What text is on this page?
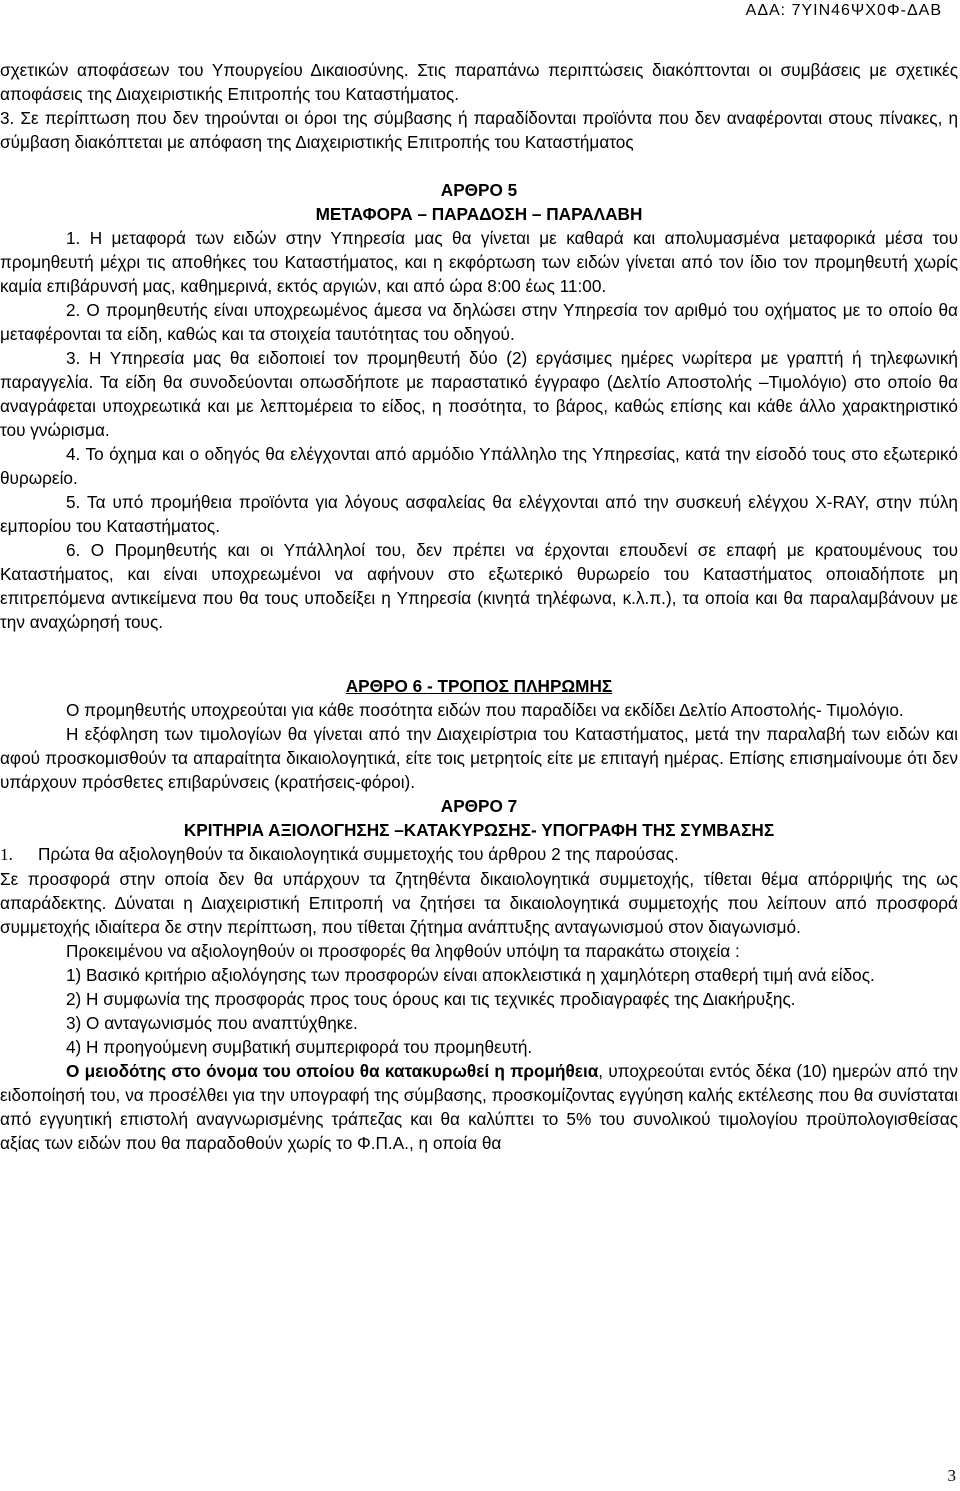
ΑΔΑ: 7ΥΙΝ46ΨΧ0Φ-ΔΑΒ

σχετικών αποφάσεων του Υπουργείου Δικαιοσύνης. Στις παραπάνω περιπτώσεις διακόπτονται οι συμβάσεις με σχετικές αποφάσεις της Διαχειριστικής Επιτροπής του Καταστήματος.

3. Σε περίπτωση που δεν τηρούνται οι όροι της σύμβασης ή παραδίδονται προϊόντα που δεν αναφέρονται στους πίνακες, η σύμβαση διακόπτεται με απόφαση της Διαχειριστικής Επιτροπής του Καταστήματος

ΑΡΘΡΟ 5

ΜΕΤΑΦΟΡΑ – ΠΑΡΑΔΟΣΗ – ΠΑΡΑΛΑΒΗ

1. Η μεταφορά των ειδών στην Υπηρεσία μας θα γίνεται με καθαρά και απολυμασμένα μεταφορικά μέσα του προμηθευτή μέχρι τις αποθήκες του Καταστήματος, και η εκφόρτωση των ειδών γίνεται από τον ίδιο τον προμηθευτή χωρίς καμία επιβάρυνσή μας, καθημερινά, εκτός αργιών, και από ώρα 8:00 έως 11:00.

2. Ο προμηθευτής είναι υποχρεωμένος άμεσα να δηλώσει στην Υπηρεσία τον αριθμό του οχήματος με το οποίο θα μεταφέρονται τα είδη, καθώς και τα στοιχεία ταυτότητας του οδηγού.

3. Η Υπηρεσία μας θα ειδοποιεί τον προμηθευτή δύο (2) εργάσιμες ημέρες νωρίτερα με γραπτή ή τηλεφωνική παραγγελία. Τα είδη θα συνοδεύονται οπωσδήποτε με παραστατικό έγγραφο (Δελτίο Αποστολής –Τιμολόγιο) στο οποίο θα αναγράφεται υποχρεωτικά και με λεπτομέρεια το είδος, η ποσότητα, το βάρος, καθώς επίσης και κάθε άλλο χαρακτηριστικό του γνώρισμα.

4. Το όχημα και ο οδηγός θα ελέγχονται από αρμόδιο Υπάλληλο της Υπηρεσίας, κατά την είσοδό τους στο εξωτερικό θυρωρείο.

5. Τα υπό προμήθεια προϊόντα για λόγους ασφαλείας θα ελέγχονται από την συσκευή ελέγχου X-RAY, στην πύλη εμπορίου του Καταστήματος.

6. Ο Προμηθευτής και οι Υπάλληλοί του, δεν πρέπει να έρχονται επουδενί σε επαφή με κρατουμένους του Καταστήματος, και είναι υποχρεωμένοι να αφήνουν στο εξωτερικό θυρωρείο του Καταστήματος οποιαδήποτε μη επιτρεπόμενα αντικείμενα που θα τους υποδείξει η Υπηρεσία (κινητά τηλέφωνα, κ.λ.π.), τα οποία και θα παραλαμβάνουν με την αναχώρησή τους.

ΑΡΘΡΟ 6 - ΤΡΟΠΟΣ ΠΛΗΡΩΜΗΣ

Ο προμηθευτής υποχρεούται για κάθε ποσότητα ειδών που παραδίδει να εκδίδει Δελτίο Αποστολής- Τιμολόγιο.

Η εξόφληση των τιμολογίων θα γίνεται από την Διαχειρίστρια του Καταστήματος, μετά την παραλαβή των ειδών και αφού προσκομισθούν τα απαραίτητα δικαιολογητικά, είτε τοις μετρητοίς είτε με επιταγή ημέρας. Επίσης επισημαίνουμε ότι δεν υπάρχουν πρόσθετες επιβαρύνσεις (κρατήσεις-φόροι).

ΑΡΘΡΟ 7

ΚΡΙΤΗΡΙΑ ΑΞΙΟΛΟΓΗΣΗΣ –ΚΑΤΑΚΥΡΩΣΗΣ- ΥΠΟΓΡΑΦΗ ΤΗΣ ΣΥΜΒΑΣΗΣ

1. Πρώτα θα αξιολογηθούν τα δικαιολογητικά συμμετοχής του άρθρου 2 της παρούσας.

Σε προσφορά στην οποία δεν θα υπάρχουν τα ζητηθέντα δικαιολογητικά συμμετοχής, τίθεται θέμα απόρριψής της ως απαράδεκτης. Δύναται η Διαχειριστική Επιτροπή να ζητήσει τα δικαιολογητικά συμμετοχής που λείπουν από προσφορά συμμετοχής ιδιαίτερα δε στην περίπτωση, που τίθεται ζήτημα ανάπτυξης ανταγωνισμού στον διαγωνισμό.

Προκειμένου να αξιολογηθούν οι προσφορές θα ληφθούν υπόψη τα παρακάτω στοιχεία :

1) Βασικό κριτήριο αξιολόγησης των προσφορών είναι αποκλειστικά η χαμηλότερη σταθερή τιμή ανά είδος.

2) Η συμφωνία της προσφοράς προς τους όρους και τις τεχνικές προδιαγραφές της Διακήρυξης.

3) Ο ανταγωνισμός που αναπτύχθηκε.

4) Η προηγούμενη συμβατική συμπεριφορά του προμηθευτή.

Ο μειοδότης στο όνομα του οποίου θα κατακυρωθεί η προμήθεια, υποχρεούται εντός δέκα (10) ημερών από την ειδοποίησή του, να προσέλθει για την υπογραφή της σύμβασης, προσκομίζοντας εγγύηση καλής εκτέλεσης που θα συνίσταται από εγγυητική επιστολή αναγνωρισμένης τράπεζας και θα καλύπτει το 5% του συνολικού τιμολογίου προϋπολογισθείσας αξίας των ειδών που θα παραδοθούν χωρίς το Φ.Π.Α., η οποία θα

3
